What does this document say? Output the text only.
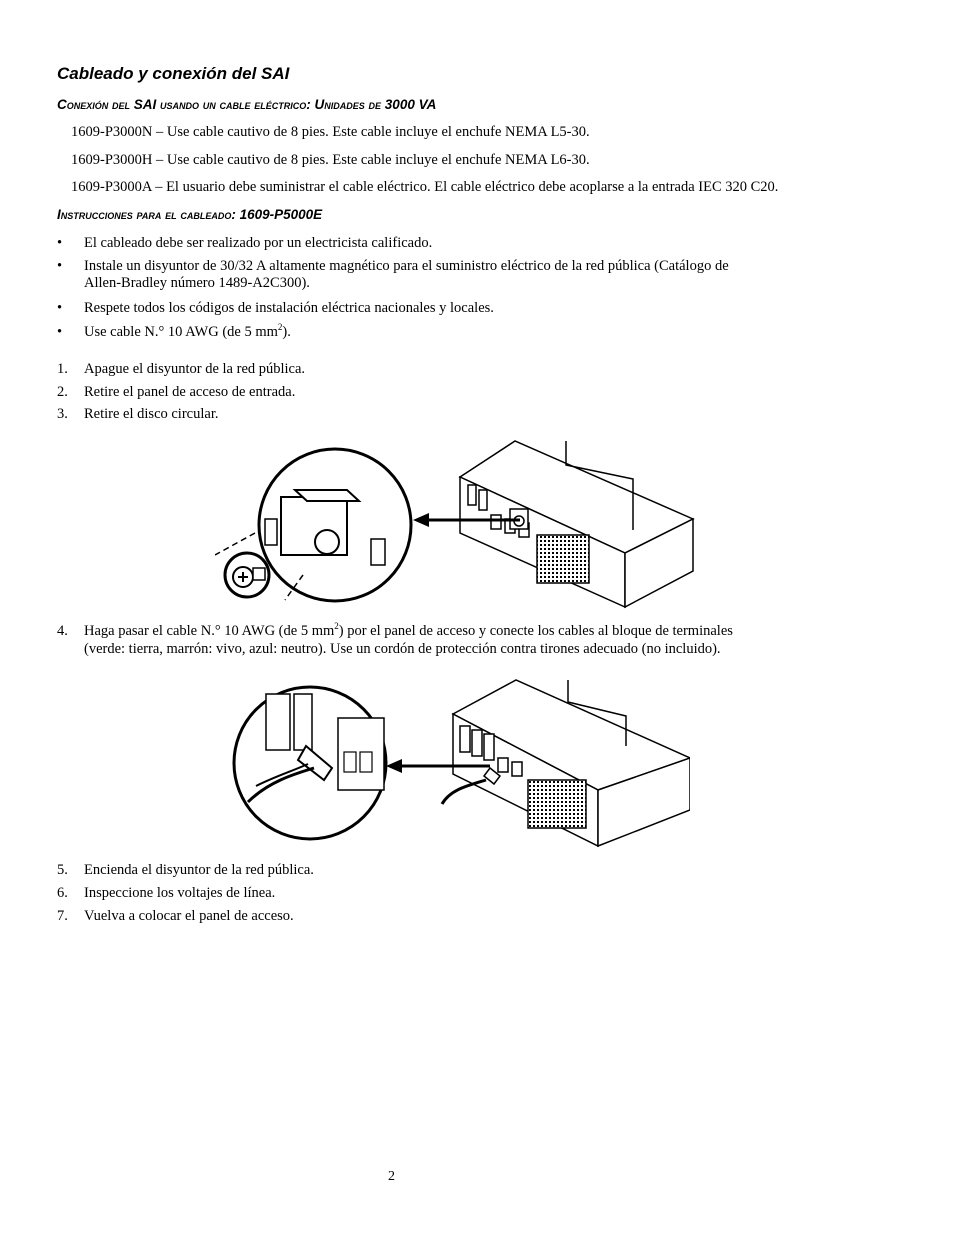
Cableado y conexión del SAI
Conexión del SAI usando un cable eléctrico: Unidades de 3000 VA
1609-P3000N – Use cable cautivo de 8 pies. Este cable incluye el enchufe NEMA L5-30.
1609-P3000H – Use cable cautivo de 8 pies. Este cable incluye el enchufe NEMA L6-30.
1609-P3000A – El usuario debe suministrar el cable eléctrico. El cable eléctrico debe acoplarse a la entrada IEC 320 C20.
Instrucciones para el cableado: 1609-P5000E
• El cableado debe ser realizado por un electricista calificado.
• Instale un disyuntor de 30/32 A altamente magnético para el suministro eléctrico de la red pública (Catálogo de
Allen-Bradley número 1489-A2C300).
• Respete todos los códigos de instalación eléctrica nacionales y locales.
• Use cable N.° 10 AWG (de 5 $mm^2$).
1. Apague el disyuntor de la red pública.
2. Retire el panel de acceso de entrada.
3. Retire el disco circular.
4. Haga pasar el cable N.° 10 AWG (de 5 $mm^2$) por el panel de acceso y conecte los cables al bloque de terminales
(verde: tierra, marrón: vivo, azul: neutro). Use un cordón de protección contra tirones adecuado (no incluido).
5. Encienda el disyuntor de la red pública.
6. Inspeccione los voltajes de línea.
7. Vuelva a colocar el panel de acceso.
2
